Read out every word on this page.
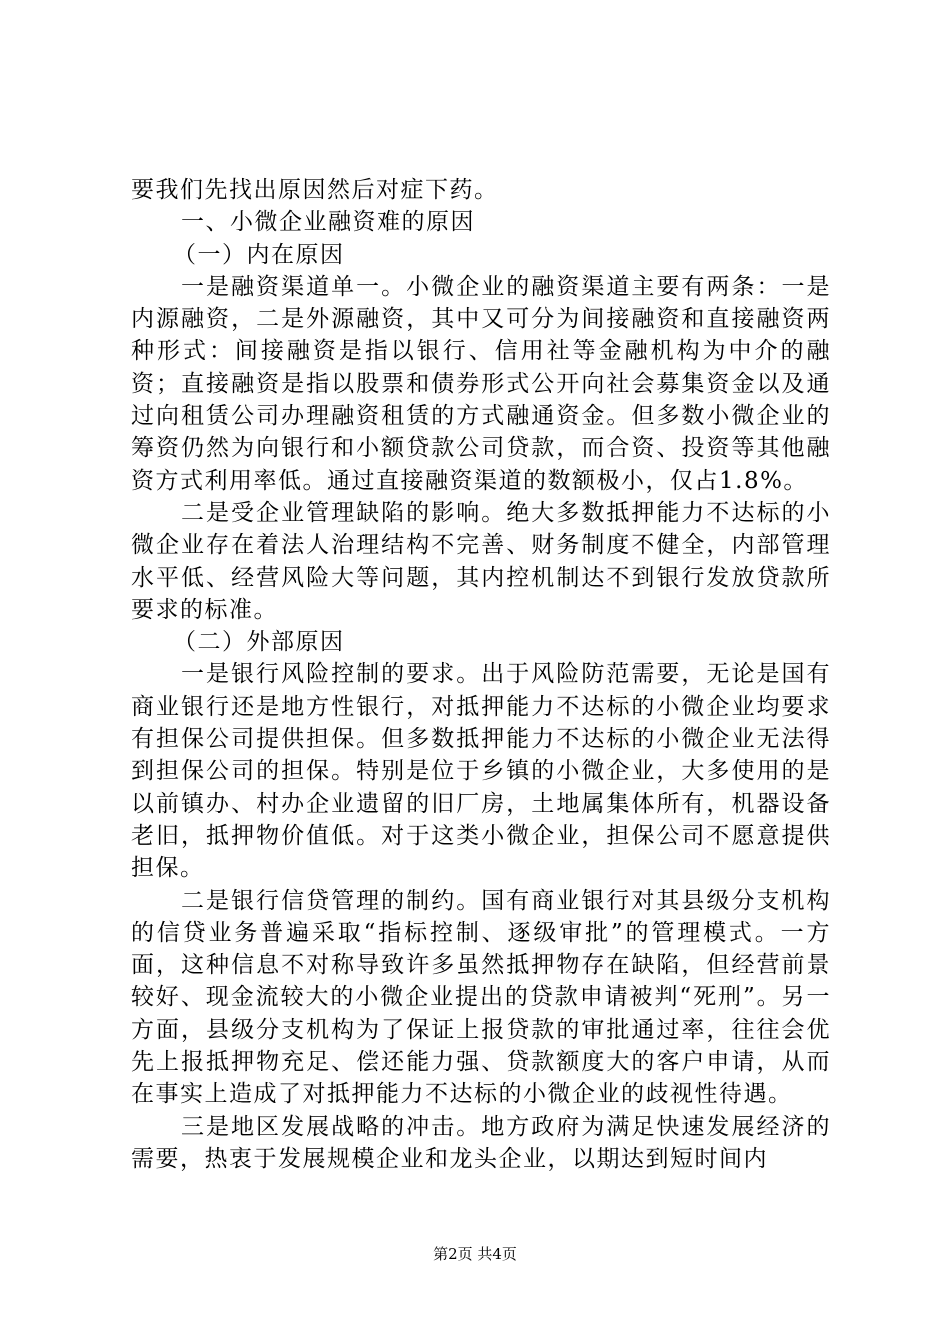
要我们先找出原因然后对症下药。

一、小微企业融资难的原因

（一）内在原因

一是融资渠道单一。小微企业的融资渠道主要有两条：一是内源融资，二是外源融资，其中又可分为间接融资和直接融资两种形式：间接融资是指以银行、信用社等金融机构为中介的融资；直接融资是指以股票和债券形式公开向社会募集资金以及通过向租赁公司办理融资租赁的方式融通资金。但多数小微企业的筹资仍然为向银行和小额贷款公司贷款，而合资、投资等其他融资方式利用率低。通过直接融资渠道的数额极小，仅占1.8%。

二是受企业管理缺陷的影响。绝大多数抵押能力不达标的小微企业存在着法人治理结构不完善、财务制度不健全，内部管理水平低、经营风险大等问题，其内控机制达不到银行发放贷款所要求的标准。

（二）外部原因

一是银行风险控制的要求。出于风险防范需要，无论是国有商业银行还是地方性银行，对抵押能力不达标的小微企业均要求有担保公司提供担保。但多数抵押能力不达标的小微企业无法得到担保公司的担保。特别是位于乡镇的小微企业，大多使用的是以前镇办、村办企业遗留的旧厂房，土地属集体所有，机器设备老旧，抵押物价值低。对于这类小微企业，担保公司不愿意提供担保。

二是银行信贷管理的制约。国有商业银行对其县级分支机构的信贷业务普遍采取“指标控制、逐级审批”的管理模式。一方面，这种信息不对称导致许多虽然抵押物存在缺陷，但经营前景较好、现金流较大的小微企业提出的贷款申请被判“死刑”。另一方面，县级分支机构为了保证上报贷款的审批通过率，往往会优先上报抵押物充足、偿还能力强、贷款额度大的客户申请，从而在事实上造成了对抵押能力不达标的小微企业的歧视性待遇。

三是地区发展战略的冲击。地方政府为满足快速发展经济的需要，热衷于发展规模企业和龙头企业，以期达到短时间内

第2页 共4页
